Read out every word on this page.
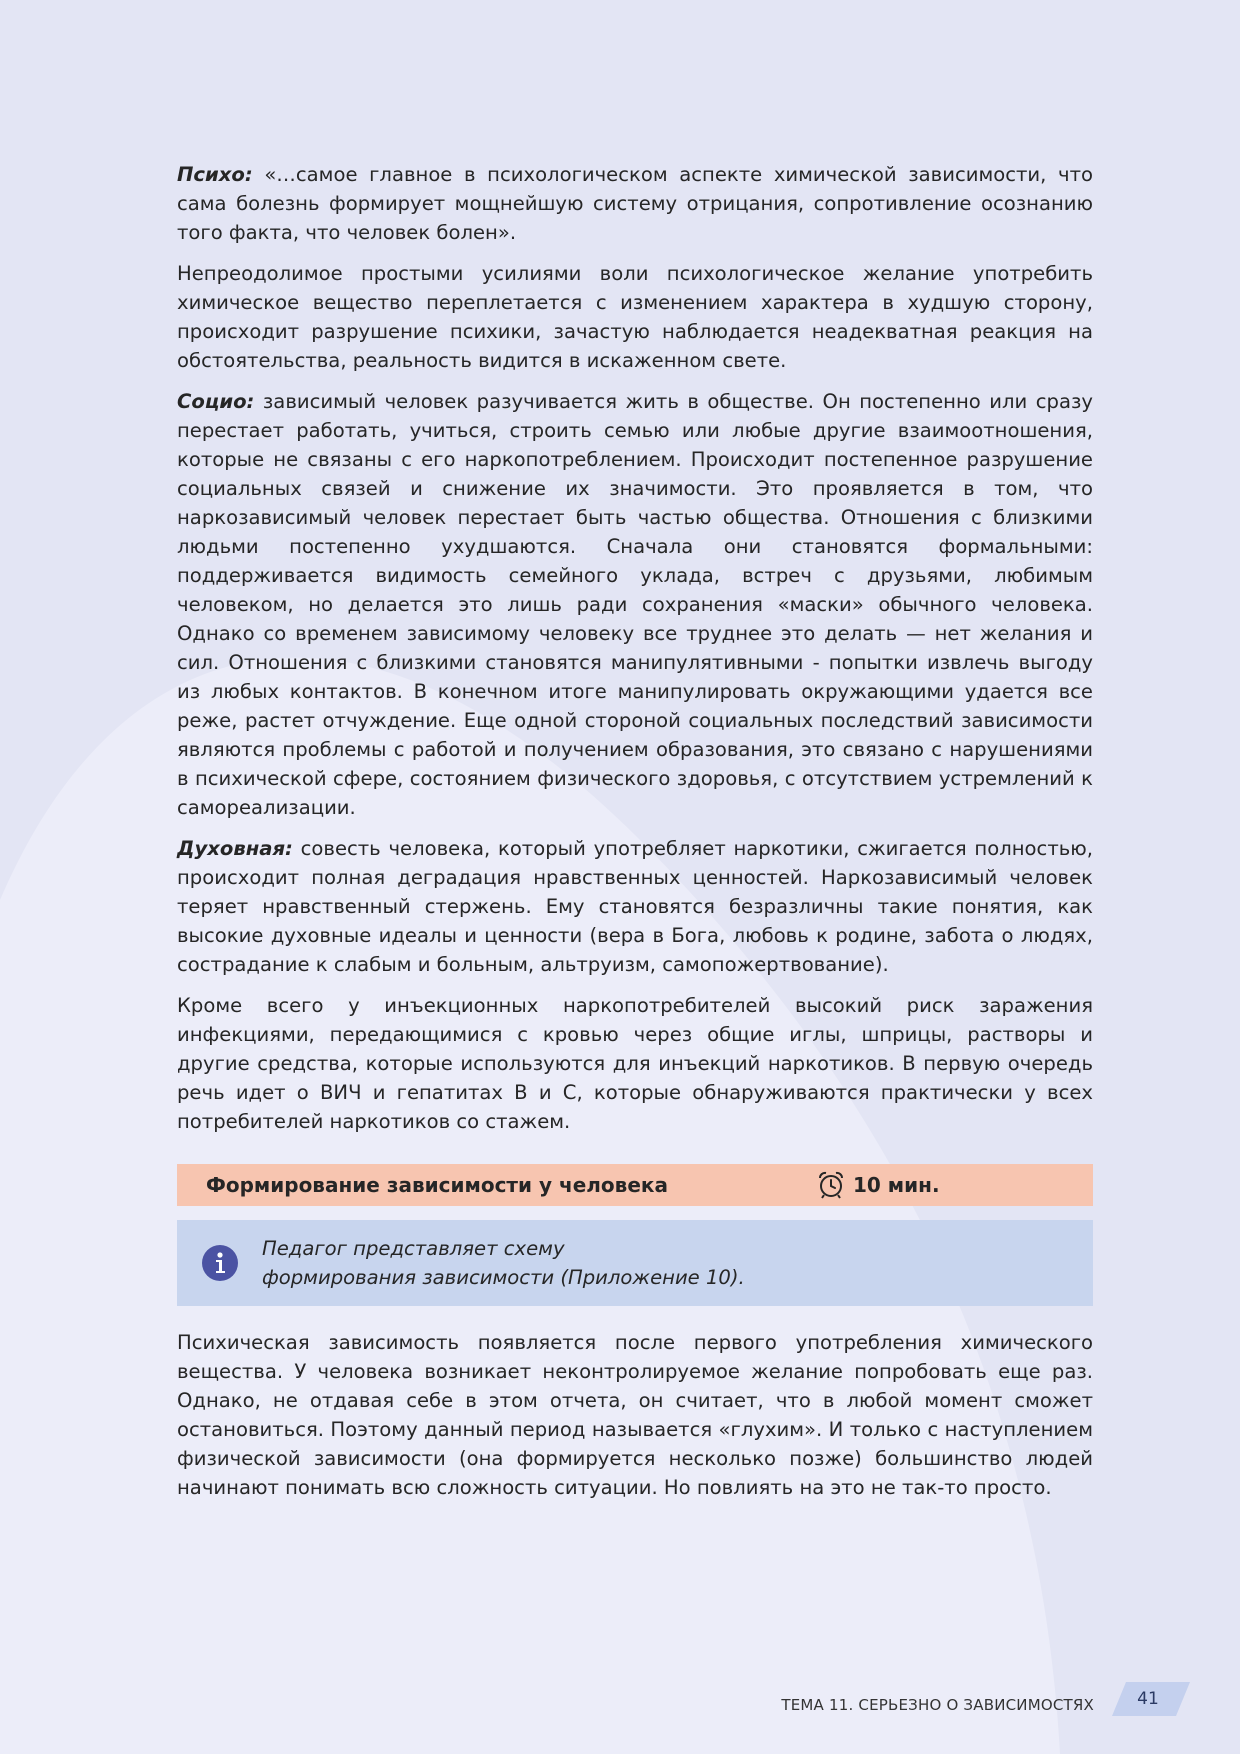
Психо: «…самое главное в психологическом аспекте химической зависимости, что сама болезнь формирует мощнейшую систему отрицания, сопротивление осознанию того факта, что человек болен».

Непреодолимое простыми усилиями воли психологическое желание употребить химическое вещество переплетается с изменением характера в худшую сторону, происходит разрушение психики, зачастую наблюдается неадекватная реакция на обстоятельства, реальность видится в искаженном свете.

Социо: зависимый человек разучивается жить в обществе. Он постепенно или сразу перестает работать, учиться, строить семью или любые другие взаимоотношения, которые не связаны с его наркопотреблением. Происходит постепенное разрушение социальных связей и снижение их значимости. Это проявляется в том, что наркозависимый человек перестает быть частью общества. Отношения с близкими людьми постепенно ухудшаются. Сначала они становятся формальными: поддерживается видимость семейного уклада, встреч с друзьями, любимым человеком, но делается это лишь ради сохранения «маски» обычного человека. Однако со временем зависимому человеку все труднее это делать — нет желания и сил. Отношения с близкими становятся манипулятивными - попытки извлечь выгоду из любых контактов. В конечном итоге манипулировать окружающими удается все реже, растет отчуждение. Еще одной стороной социальных последствий зависимости являются проблемы с работой и получением образования, это связано с нарушениями в психической сфере, состоянием физического здоровья, с отсутствием устремлений к самореализации.

Духовная: совесть человека, который употребляет наркотики, сжигается полностью, происходит полная деградация нравственных ценностей. Наркозависимый человек теряет нравственный стержень. Ему становятся безразличны такие понятия, как высокие духовные идеалы и ценности (вера в Бога, любовь к родине, забота о людях, сострадание к слабым и больным, альтруизм, самопожертвование).

Кроме всего у инъекционных наркопотребителей высокий риск заражения инфекциями, передающимися с кровью через общие иглы, шприцы, растворы и другие средства, которые используются для инъекций наркотиков. В первую очередь речь идет о ВИЧ и гепатитах В и С, которые обнаруживаются практически у всех потребителей наркотиков со стажем.

Формирование зависимости у человека	10 мин.
Педагог представляет схему
формирования зависимости (Приложение 10).

Психическая зависимость появляется после первого употребления химического вещества. У человека возникает неконтролируемое желание попробовать еще раз. Однако, не отдавая себе в этом отчета, он считает, что в любой момент сможет остановиться. Поэтому данный период называется «глухим». И только с наступлением физической зависимости (она формируется несколько позже) большинство людей начинают понимать всю сложность ситуации. Но повлиять на это не так-то просто.

ТЕМА 11. СЕРЬЕЗНО О ЗАВИСИМОСТЯХ	41
